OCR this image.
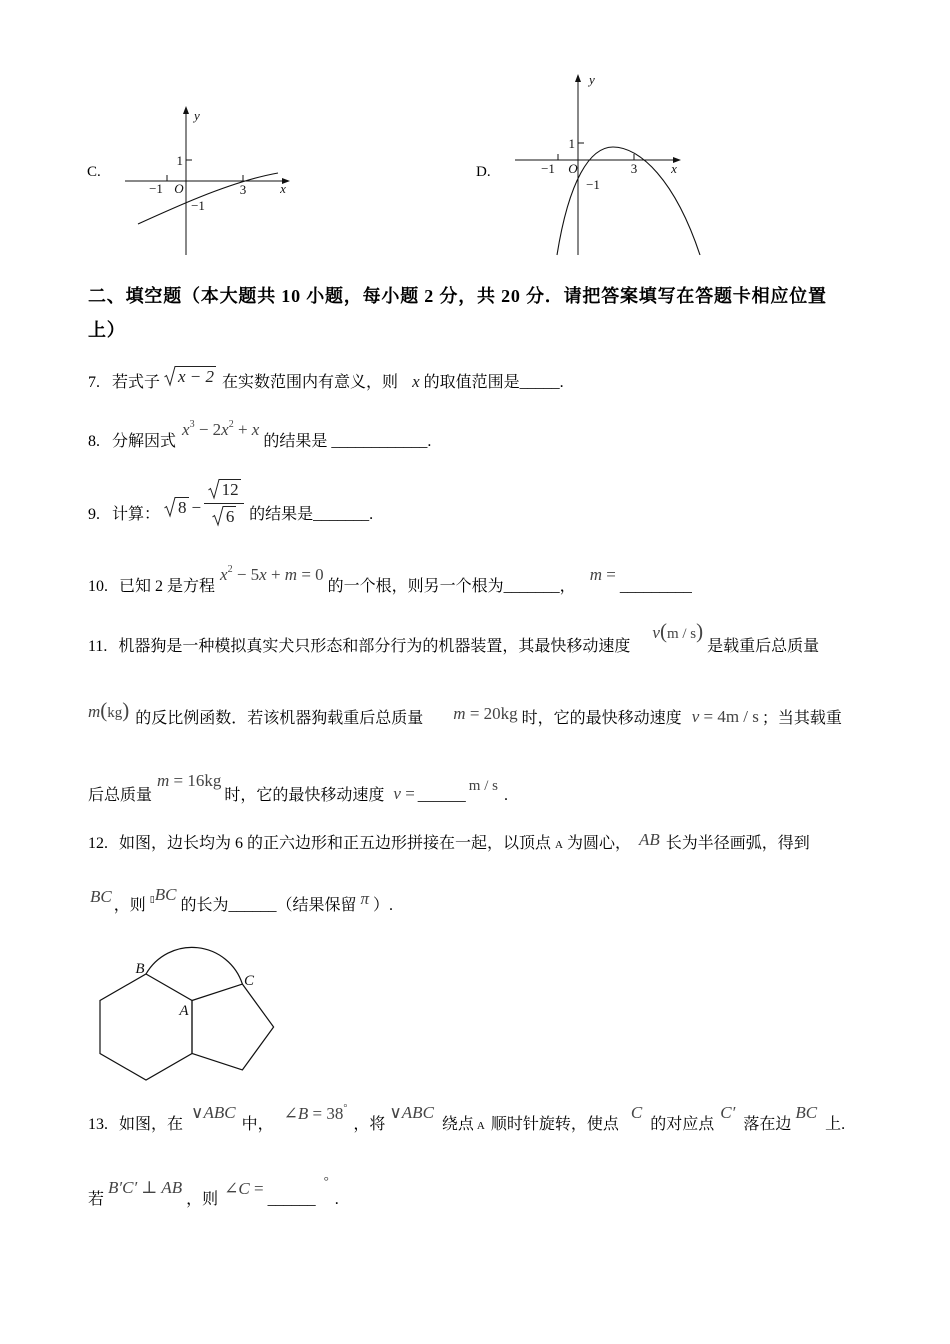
C.
y
1
−1 O	3	x
−1
D.
y
1
−1 O	3	x
−1
二、填空题（本大题共 10 小题，每小题 2 分，共 20 分．请把答案填写在答题卡相应位置
上）
7. 若式子 x − 2 在实数范围内有意义，则 x 的取值范围是_____.
8. 分解因式$x^3 - 2x^2 + x$的结果是 ____________.
9. 计算： $8 - \frac{12}{6}$ 的结果是_______.
10. 已知 2 是方程$x^2 - 5x + m = 0$的一个根，则另一个根为_______，m =_________
11. 机器狗是一种模拟真实犬只形态和部分行为的机器装置，其最快移动速度v(m / s)是载重后总质量
m(kg) 的反比例函数．若该机器狗载重后总质量 m = 20kg 时，它的最快移动速度 v = 4m / s ；当其载重
后总质量m = 16kg时，它的最快移动速度 v = ______m / s.
12. 如图，边长均为 6 的正六边形和正五边形拼接在一起，以顶点 A 为圆心， AB 长为半径画弧，得到
BC ，则 ▯BC的长为______（结果保留 π ）.
B
A
C
13. 如图，在∨ABC中，∠B = 38°，将∨ABC绕点 A 顺时针旋转，使点C的对应点C′落在边BC上.
若B′C′ ⊥ AB，则∠C =______°.
